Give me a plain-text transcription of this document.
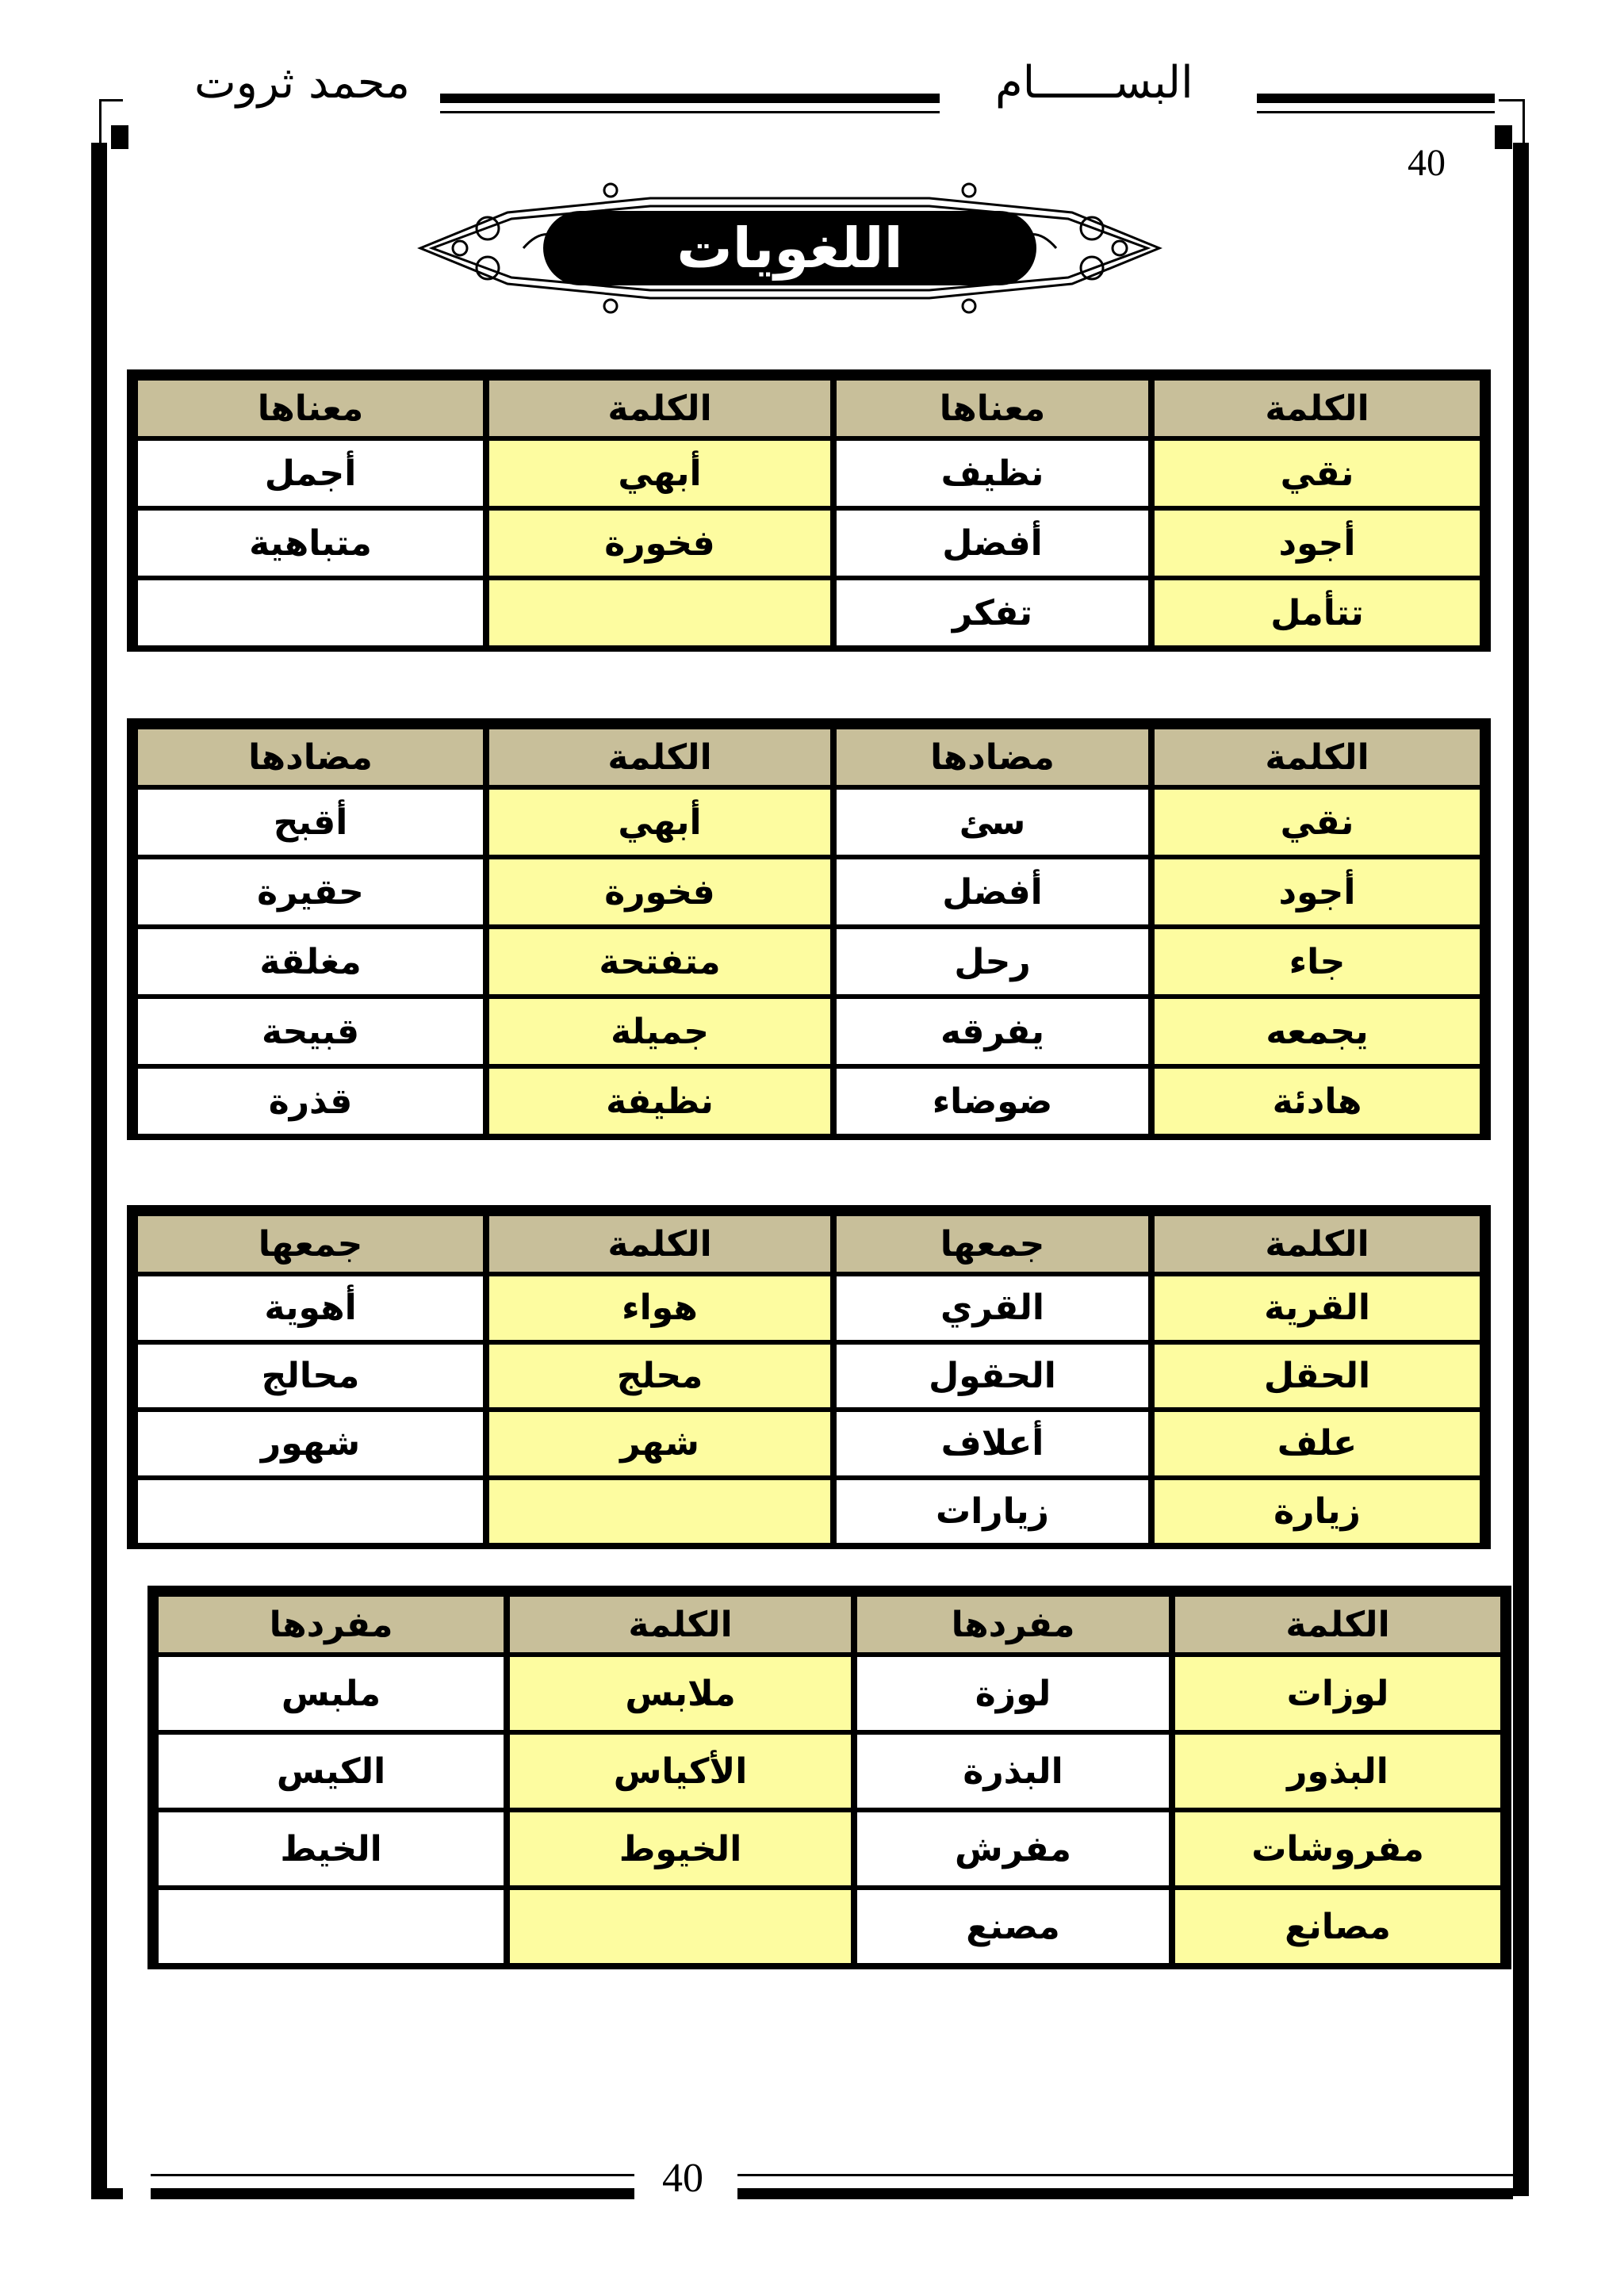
البســــــام
محمد ثروت
40
اللغويات
الكلمة
معناها
الكلمة
معناها
نقي
نظيف
أبهي
أجمل
أجود
أفضل
فخورة
متباهية
تتأمل
تفكر
الكلمة
مضادها
الكلمة
مضادها
نقي
سئ
أبهي
أقبح
أجود
أفضل
فخورة
حقيرة
جاء
رحل
متفتحة
مغلقة
يجمعه
يفرقه
جميلة
قبيحة
هادئة
ضوضاء
نظيفة
قذرة
الكلمة
جمعها
الكلمة
جمعها
القرية
القري
هواء
أهوية
الحقل
الحقول
محلج
محالج
علف
أعلاف
شهر
شهور
زيارة
زيارات
الكلمة
مفردها
الكلمة
مفردها
لوزات
لوزة
ملابس
ملبس
البذور
البذرة
الأكياس
الكيس
مفروشات
مفرش
الخيوط
الخيط
مصانع
مصنع
40
